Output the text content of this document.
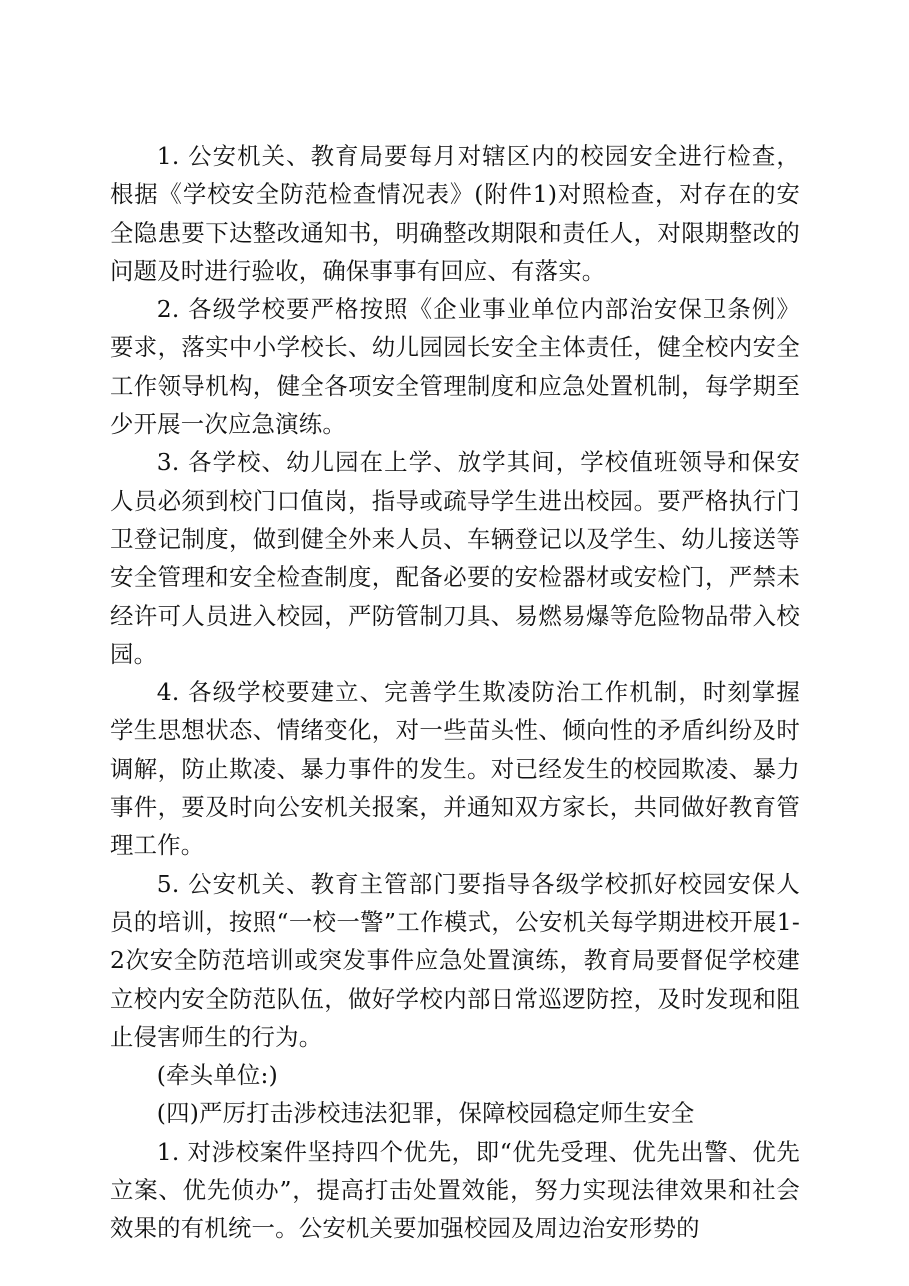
1. 公安机关、教育局要每月对辖区内的校园安全进行检查，根据《学校安全防范检查情况表》(附件1)对照检查，对存在的安全隐患要下达整改通知书，明确整改期限和责任人，对限期整改的问题及时进行验收，确保事事有回应、有落实。

2. 各级学校要严格按照《企业事业单位内部治安保卫条例》要求，落实中小学校长、幼儿园园长安全主体责任，健全校内安全工作领导机构，健全各项安全管理制度和应急处置机制，每学期至少开展一次应急演练。

3. 各学校、幼儿园在上学、放学其间，学校值班领导和保安人员必须到校门口值岗，指导或疏导学生进出校园。要严格执行门卫登记制度，做到健全外来人员、车辆登记以及学生、幼儿接送等安全管理和安全检查制度，配备必要的安检器材或安检门，严禁未经许可人员进入校园，严防管制刀具、易燃易爆等危险物品带入校园。

4. 各级学校要建立、完善学生欺凌防治工作机制，时刻掌握学生思想状态、情绪变化，对一些苗头性、倾向性的矛盾纠纷及时调解，防止欺凌、暴力事件的发生。对已经发生的校园欺凌、暴力事件，要及时向公安机关报案，并通知双方家长，共同做好教育管理工作。

5. 公安机关、教育主管部门要指导各级学校抓好校园安保人员的培训，按照“一校一警”工作模式，公安机关每学期进校开展1-2次安全防范培训或突发事件应急处置演练，教育局要督促学校建立校内安全防范队伍，做好学校内部日常巡逻防控，及时发现和阻止侵害师生的行为。

(牵头单位:)

(四)严厉打击涉校违法犯罪，保障校园稳定师生安全

1. 对涉校案件坚持四个优先，即“优先受理、优先出警、优先立案、优先侦办”，提高打击处置效能，努力实现法律效果和社会效果的有机统一。公安机关要加强校园及周边治安形势的
